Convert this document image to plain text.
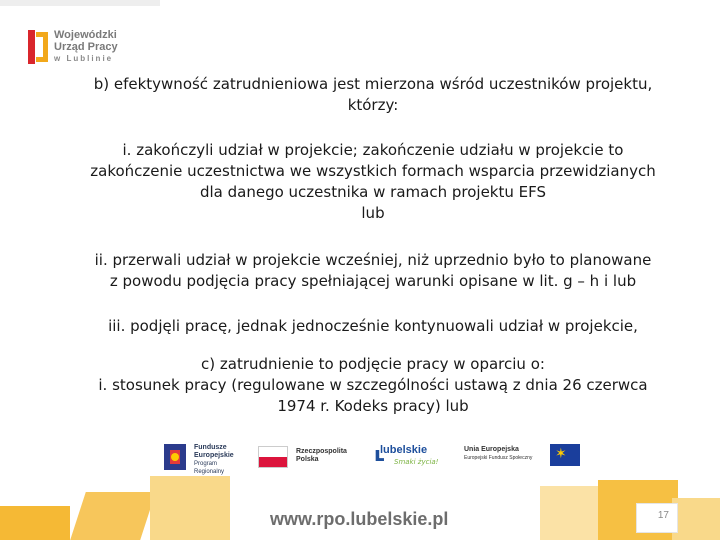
Wojewódzki
Urząd Pracy
w Lublinie

b) efektywność zatrudnieniowa jest mierzona wśród uczestników projektu,

którzy:

i. zakończyli udział w projekcie; zakończenie udziału w projekcie to

zakończenie uczestnictwa we wszystkich formach wsparcia przewidzianych

dla danego uczestnika w ramach projektu EFS

lub

ii. przerwali udział w projekcie wcześniej, niż uprzednio było to planowane

z powodu podjęcia pracy spełniającej warunki opisane w lit. g – h i lub

iii. podjęli pracę, jednak jednocześnie kontynuowali udział w projekcie,

c) zatrudnienie to podjęcie pracy w oparciu o:

i. stosunek pracy (regulowane w szczególności ustawą z dnia 26 czerwca

1974 r. Kodeks pracy) lub

Fundusze
Europejskie
Program Regionalny
Rzeczpospolita
Polska	ʟ
lubelskie
Smaki życia!
Unia Europejska
Europejski Fundusz Społeczny ✶
www.rpo.lubelskie.pl	17
